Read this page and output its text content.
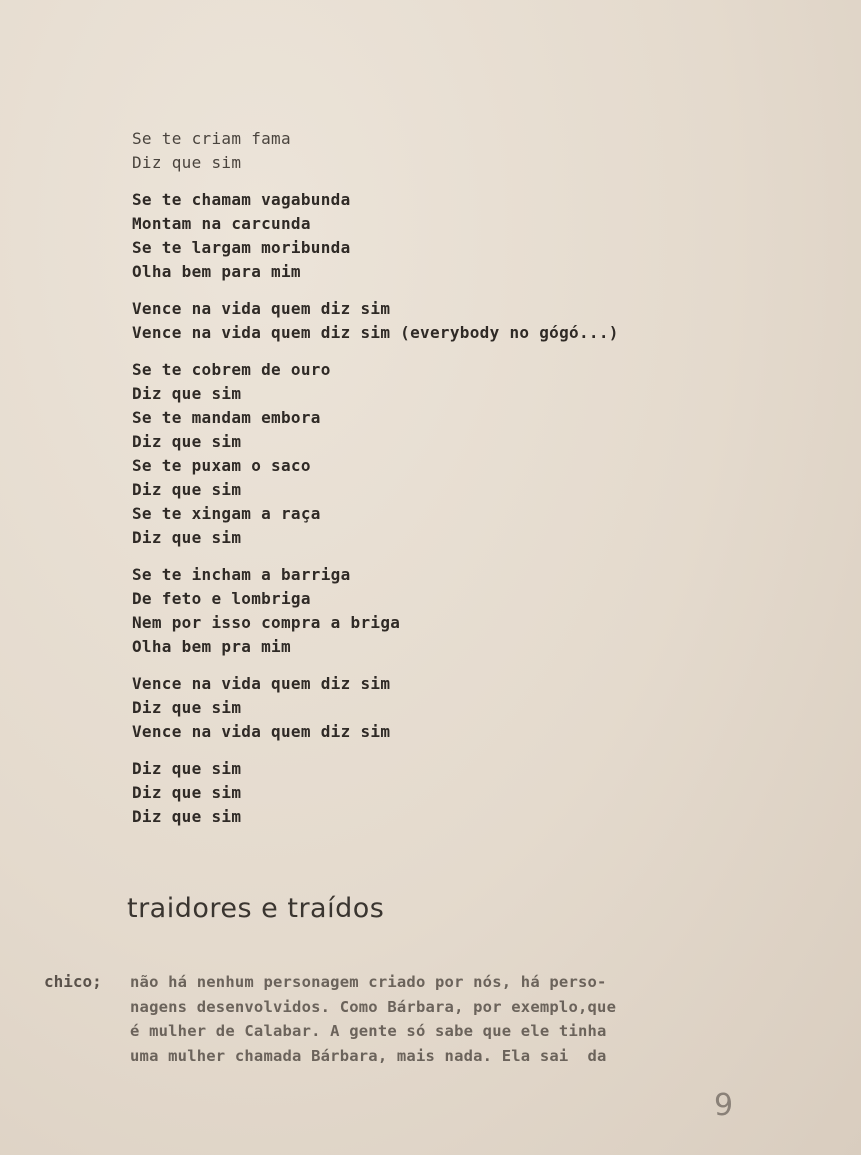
Se te criam fama
Diz que sim
Se te chamam vagabunda
Montam na carcunda
Se te largam moribunda
Olha bem para mim
Vence na vida quem diz sim
Vence na vida quem diz sim (everybody no gógó...)
Se te cobrem de ouro
Diz que sim
Se te mandam embora
Diz que sim
Se te puxam o saco
Diz que sim
Se te xingam a raça
Diz que sim
Se te incham a barriga
De feto e lombriga
Nem por isso compra a briga
Olha bem pra mim
Vence na vida quem diz sim
Diz que sim
Vence na vida quem diz sim
Diz que sim
Diz que sim
Diz que sim
traidores e traídos
chico; não há nenhum personagem criado por nós, há perso-
nagens desenvolvidos. Como Bárbara, por exemplo,que
é mulher de Calabar. A gente só sabe que ele tinha
uma mulher chamada Bárbara, mais nada. Ela sai  da
9
